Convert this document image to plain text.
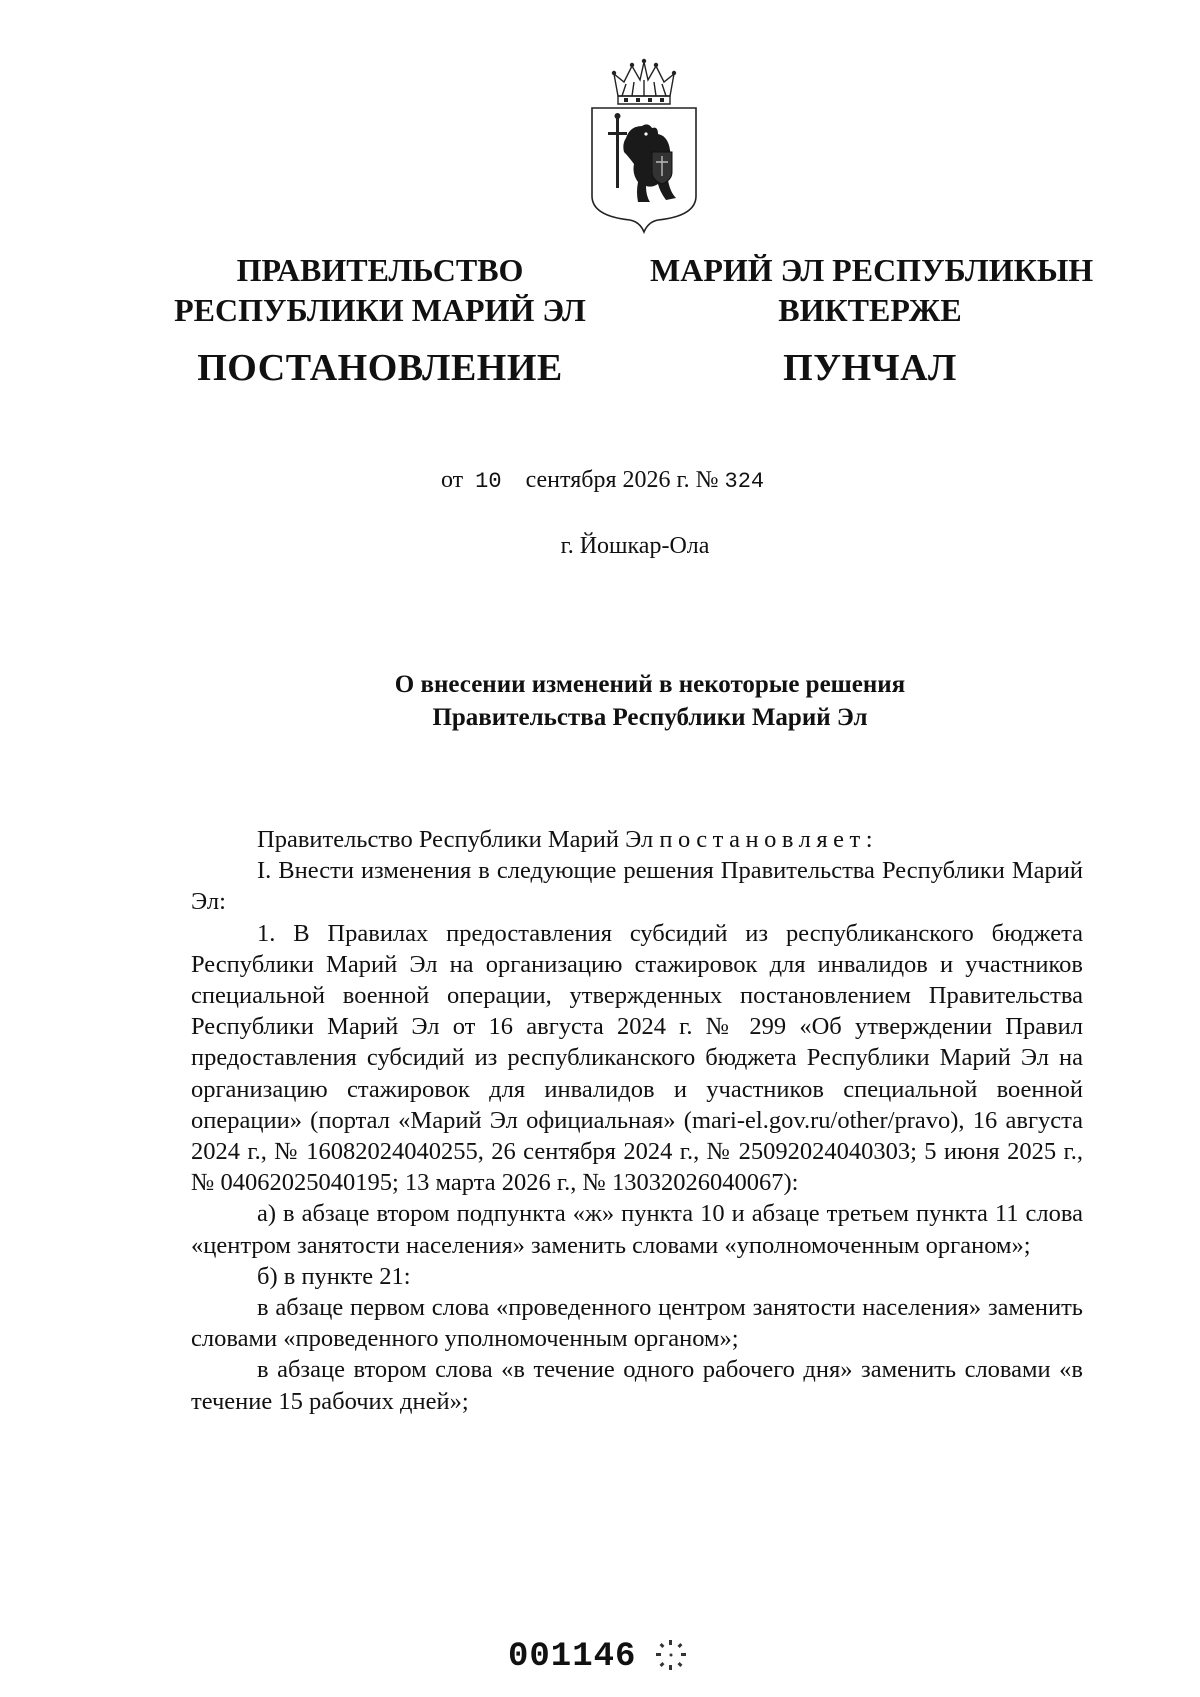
ПРАВИТЕЛЬСТВО
РЕСПУБЛИКИ МАРИЙ ЭЛ
ПОСТАНОВЛЕНИЕ
МАРИЙ ЭЛ РЕСПУБЛИКЫН
ВИКТЕРЖЕ
ПУНЧАЛ
от 10 сентября 2026 г. № 324
г. Йошкар-Ола
О внесении изменений в некоторые решения
Правительства Республики Марий Эл

Правительство Республики Марий Эл постановляет:

I. Внести изменения в следующие решения Правительства Республики Марий Эл:

1. В Правилах предоставления субсидий из республиканского бюджета Республики Марий Эл на организацию стажировок для инвалидов и участников специальной военной операции, утвержденных постановлением Правительства Республики Марий Эл от 16 августа 2024 г. № 299 «Об утверждении Правил предоставления субсидий из республиканского бюджета Республики Марий Эл на организацию стажировок для инвалидов и участников специальной военной операции» (портал «Марий Эл официальная» (mari-el.gov.ru/other/pravo), 16 августа 2024 г., № 16082024040255, 26 сентября 2024 г., № 25092024040303; 5 июня 2025 г., № 04062025040195; 13 марта 2026 г., № 13032026040067):

а) в абзаце втором подпункта «ж» пункта 10 и абзаце третьем пункта 11 слова «центром занятости населения» заменить словами «уполномоченным органом»;

б) в пункте 21:

в абзаце первом слова «проведенного центром занятости населения» заменить словами «проведенного уполномоченным органом»;

в абзаце втором слова «в течение одного рабочего дня» заменить словами «в течение 15 рабочих дней»;

001146
